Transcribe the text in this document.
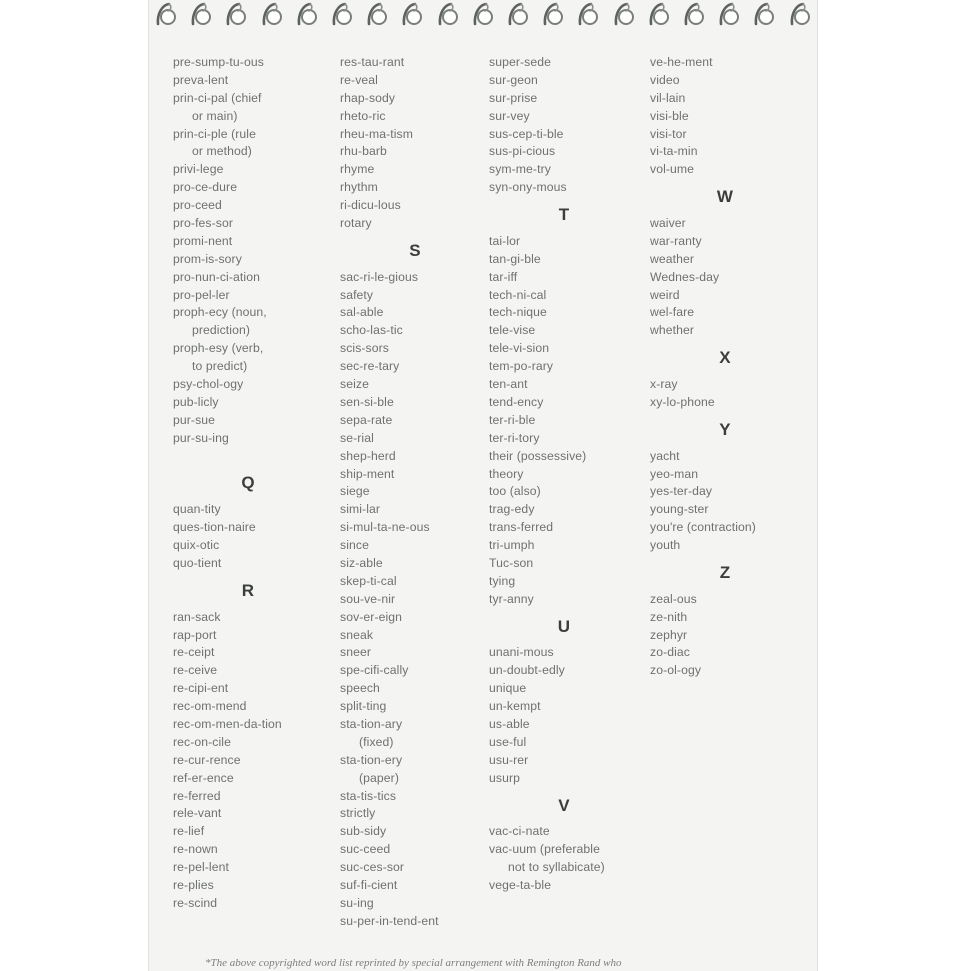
pre-sump-tu-ous
preva-lent
prin-ci-pal (chief
or main)
prin-ci-ple (rule
or method)
privi-lege
pro-ce-dure
pro-ceed
pro-fes-sor
promi-nent
prom-is-sory
pro-nun-ci-ation
pro-pel-ler
proph-ecy (noun,
prediction)
proph-esy (verb,
to predict)
psy-chol-ogy
pub-licly
pur-sue
pur-su-ing
Q
quan-tity
ques-tion-naire
quix-otic
quo-tient
R
ran-sack
rap-port
re-ceipt
re-ceive
re-cipi-ent
rec-om-mend
rec-om-men-da-tion
rec-on-cile
re-cur-rence
ref-er-ence
re-ferred
rele-vant
re-lief
re-nown
re-pel-lent
re-plies
re-scind
res-tau-rant
re-veal
rhap-sody
rheto-ric
rheu-ma-tism
rhu-barb
rhyme
rhythm
ri-dicu-lous
rotary
S
sac-ri-le-gious
safety
sal-able
scho-las-tic
scis-sors
sec-re-tary
seize
sen-si-ble
sepa-rate
se-rial
shep-herd
ship-ment
siege
simi-lar
si-mul-ta-ne-ous
since
siz-able
skep-ti-cal
sou-ve-nir
sov-er-eign
sneak
sneer
spe-cifi-cally
speech
split-ting
sta-tion-ary
(fixed)
sta-tion-ery
(paper)
sta-tis-tics
strictly
sub-sidy
suc-ceed
suc-ces-sor
suf-fi-cient
su-ing
su-per-in-tend-ent
super-sede
sur-geon
sur-prise
sur-vey
sus-cep-ti-ble
sus-pi-cious
sym-me-try
syn-ony-mous
T
tai-lor
tan-gi-ble
tar-iff
tech-ni-cal
tech-nique
tele-vise
tele-vi-sion
tem-po-rary
ten-ant
tend-ency
ter-ri-ble
ter-ri-tory
their (possessive)
theory
too (also)
trag-edy
trans-ferred
tri-umph
Tuc-son
tying
tyr-anny
U
unani-mous
un-doubt-edly
unique
un-kempt
us-able
use-ful
usu-rer
usurp
V
vac-ci-nate
vac-uum (preferable
not to syllabicate)
vege-ta-ble
ve-he-ment
video
vil-lain
visi-ble
visi-tor
vi-ta-min
vol-ume
W
waiver
war-ranty
weather
Wednes-day
weird
wel-fare
whether
X
x-ray
xy-lo-phone
Y
yacht
yeo-man
yes-ter-day
young-ster
you're (contraction)
youth
Z
zeal-ous
ze-nith
zephyr
zo-diac
zo-ol-ogy
*The above copyrighted word list reprinted by special arrangement with Remington Rand who
